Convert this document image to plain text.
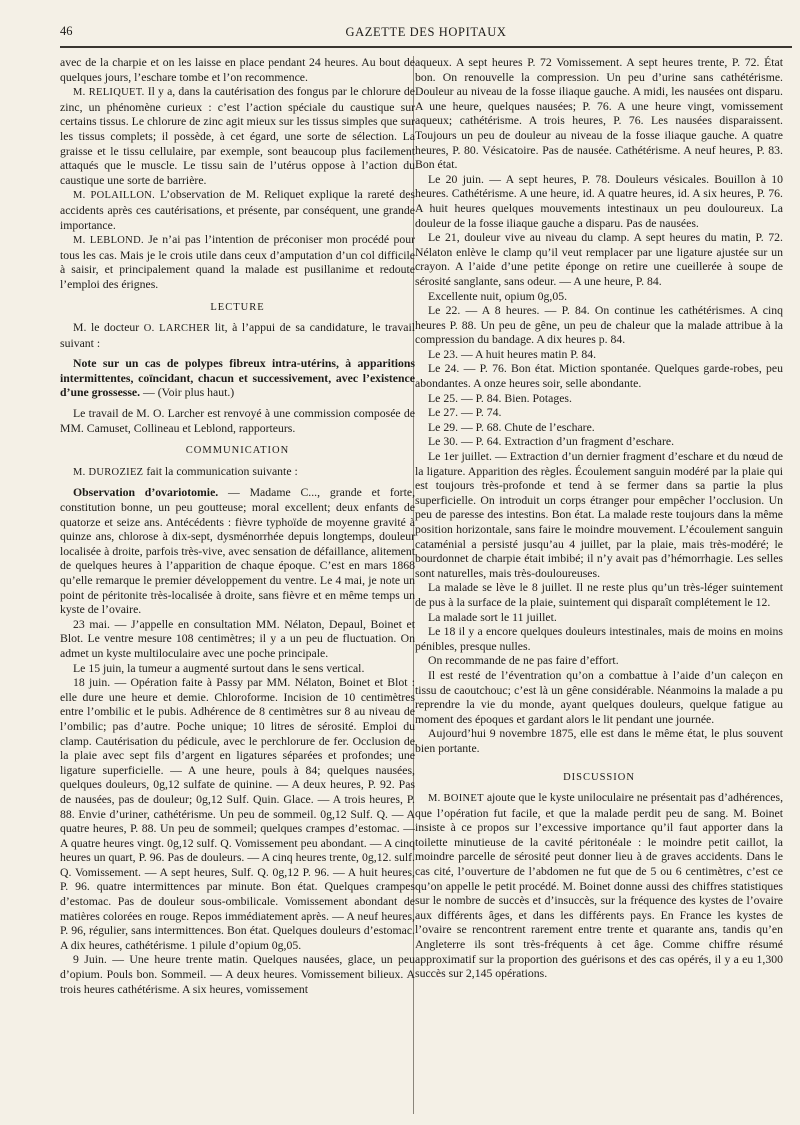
46	GAZETTE DES HOPITAUX

avec de la charpie et on les laisse en place pendant 24 heures. Au bout de quelques jours, l’eschare tombe et l’on recommence.

M. RELIQUET. Il y a, dans la cautérisation des fongus par le chlorure de zinc, un phénomène curieux : c’est l’action spéciale du caustique sur certains tissus. Le chlorure de zinc agit mieux sur les tissus simples que sur les tissus complets; il possède, à cet égard, une sorte de sélection. La graisse et le tissu cellulaire, par exemple, sont beaucoup plus facilement attaqués que le muscle. Le tissu sain de l’utérus oppose à l’action du caustique une sorte de barrière.

M. POLAILLON. L’observation de M. Reliquet explique la rareté des accidents après ces cautérisations, et présente, par conséquent, une grande importance.

M. LEBLOND. Je n’ai pas l’intention de préconiser mon procédé pour tous les cas. Mais je le crois utile dans ceux d’amputation d’un col difficile à saisir, et principalement quand la malade est pusillanime et redoute l’emploi des érignes.

LECTURE

M. le docteur O. LARCHER lit, à l’appui de sa candidature, le travail suivant :

Note sur un cas de polypes fibreux intra-utérins, à apparitions intermittentes, coïncidant, chacun et successivement, avec l’existence d’une grossesse. — (Voir plus haut.)

Le travail de M. O. Larcher est renvoyé à une commission composée de MM. Camuset, Collineau et Leblond, rapporteurs.

COMMUNICATION

M. DUROZIEZ fait la communication suivante :

Observation d’ovariotomie. — Madame C..., grande et forte, constitution bonne, un peu goutteuse; moral excellent; deux enfants de quatorze et seize ans. Antécédents : fièvre typhoïde de moyenne gravité à quinze ans, chlorose à dix-sept, dysménorrhée depuis longtemps, douleur localisée à droite, parfois très-vive, avec sensation de défaillance, alitement de quelques heures à l’apparition de chaque époque. C’est en mars 1868 qu’elle remarque le premier développement du ventre. Le 4 mai, je note un point de péritonite très-localisée à droite, sans fièvre et en même temps un kyste de l’ovaire.

23 mai. — J’appelle en consultation MM. Nélaton, Depaul, Boinet et Blot. Le ventre mesure 108 centimètres; il y a un peu de fluctuation. On admet un kyste multiloculaire avec une poche principale.

Le 15 juin, la tumeur a augmenté surtout dans le sens vertical.

18 juin. — Opération faite à Passy par MM. Nélaton, Boinet et Blot : elle dure une heure et demie. Chloroforme. Incision de 10 centimètres entre l’ombilic et le pubis. Adhérence de 8 centimètres sur 8 au niveau de l’ombilic; pas d’autre. Poche unique; 10 litres de sérosité. Emploi du clamp. Cautérisation du pédicule, avec le perchlorure de fer. Occlusion de la plaie avec sept fils d’argent en ligatures séparées et profondes; une ligature superficielle. — A une heure, pouls à 84; quelques nausées, quelques douleurs, 0g,12 sulfate de quinine. — A deux heures, P. 92. Pas de nausées, pas de douleur; 0g,12 Sulf. Quin. Glace. — A trois heures, P. 88. Envie d’uriner, cathétérisme. Un peu de sommeil. 0g,12 Sulf. Q. — A quatre heures, P. 88. Un peu de sommeil; quelques crampes d’estomac. — A quatre heures vingt. 0g,12 sulf. Q. Vomissement peu abondant. — A cinq heures un quart, P. 96. Pas de douleurs. — A cinq heures trente, 0g,12. sulf. Q. Vomissement. — A sept heures, Sulf. Q. 0g,12 P. 96. — A huit heures, P. 96. quatre intermittences par minute. Bon état. Quelques crampes d’estomac. Pas de douleur sous-ombilicale. Vomissement abondant de matières colorées en rouge. Repos immédiatement après. — A neuf heures, P. 96, régulier, sans intermittences. Bon état. Quelques douleurs d’estomac. A dix heures, cathétérisme. 1 pilule d’opium 0g,05.

9 Juin. — Une heure trente matin. Quelques nausées, glace, un peu d’opium. Pouls bon. Sommeil. — A deux heures. Vomissement bilieux. A trois heures cathétérisme. A six heures, vomissement

aqueux. A sept heures P. 72 Vomissement. A sept heures trente, P. 72. État bon. On renouvelle la compression. Un peu d’urine sans cathétérisme. Douleur au niveau de la fosse iliaque gauche. A midi, les nausées ont disparu. A une heure, quelques nausées; P. 76. A une heure vingt, vomissement aqueux; cathétérisme. A trois heures, P. 76. Les nausées disparaissent. Toujours un peu de douleur au niveau de la fosse iliaque gauche. A quatre heures, P. 80. Vésicatoire. Pas de nausée. Cathétérisme. A neuf heures, P. 83. Bon état.

Le 20 juin. — A sept heures, P. 78. Douleurs vésicales. Bouillon à 10 heures. Cathétérisme. A une heure, id. A quatre heures, id. A six heures, P. 76. A huit heures quelques mouvements intestinaux un peu douloureux. La douleur de la fosse iliaque gauche a disparu. Pas de nausées.

Le 21, douleur vive au niveau du clamp. A sept heures du matin, P. 72. Nélaton enlève le clamp qu’il veut remplacer par une ligature ajustée sur un crayon. A l’aide d’une petite éponge on retire une cueillerée à soupe de sérosité sanglante, sans odeur. — A une heure, P. 84.

Excellente nuit, opium 0g,05.

Le 22. — A 8 heures. — P. 84. On continue les cathétérismes. A cinq heures P. 88. Un peu de gêne, un peu de chaleur que la malade attribue à la compression du bandage. A dix heures p. 84.

Le 23. — A huit heures matin P. 84.

Le 24. — P. 76. Bon état. Miction spontanée. Quelques garde-robes, peu abondantes. A onze heures soir, selle abondante.

Le 25. — P. 84. Bien. Potages.

Le 27. — P. 74.

Le 29. — P. 68. Chute de l’eschare.

Le 30. — P. 64. Extraction d’un fragment d’eschare.

Le 1er juillet. — Extraction d’un dernier fragment d’eschare et du nœud de la ligature. Apparition des règles. Écoulement sanguin modéré par la plaie qui est toujours très-profonde et tend à se fermer dans sa partie la plus superficielle. On introduit un corps étranger pour empêcher l’occlusion. Un peu de paresse des intestins. Bon état. La malade reste toujours dans la même position horizontale, sans faire le moindre mouvement. L’écoulement sanguin cataménial a persisté jusqu’au 4 juillet, par la plaie, mais très-modéré; le bourdonnet de charpie était imbibé; il n’y avait pas d’hémorrhagie. Les selles sont naturelles, mais très-douloureuses.

La malade se lève le 8 juillet. Il ne reste plus qu’un très-léger suintement de pus à la surface de la plaie, suintement qui disparaît complétement le 12.

La malade sort le 11 juillet.

Le 18 il y a encore quelques douleurs intestinales, mais de moins en moins pénibles, presque nulles.

On recommande de ne pas faire d’effort.

Il est resté de l’éventration qu’on a combattue à l’aide d’un caleçon en tissu de caoutchouc; c’est là un gêne considérable. Néanmoins la malade a pu reprendre la vie du monde, ayant quelques douleurs, quelque fatigue au moment des époques et gardant alors le lit pendant une journée.

Aujourd’hui 9 novembre 1875, elle est dans le même état, le plus souvent bien portante.

DISCUSSION

M. BOINET ajoute que le kyste uniloculaire ne présentait pas d’adhérences, que l’opération fut facile, et que la malade perdit peu de sang. M. Boinet insiste à ce propos sur l’excessive importance qu’il faut apporter dans la toilette minutieuse de la cavité péritonéale : le moindre petit caillot, la moindre parcelle de sérosité peut donner lieu à de graves accidents. Dans le cas cité, l’ouverture de l’abdomen ne fut que de 5 ou 6 centimètres, c’est ce qu’on appelle le petit procédé. M. Boinet donne aussi des chiffres statistiques sur le nombre de succès et d’insuccès, sur la fréquence des kystes de l’ovaire aux différents âges, et dans les différents pays. En France les kystes de l’ovaire se rencontrent rarement entre trente et quarante ans, tandis qu’en Angleterre ils sont très-fréquents à cet âge. Comme chiffre résumé approximatif sur la proportion des guérisons et des cas opérés, il y a eu 1,300 succès sur 2,145 opérations.
